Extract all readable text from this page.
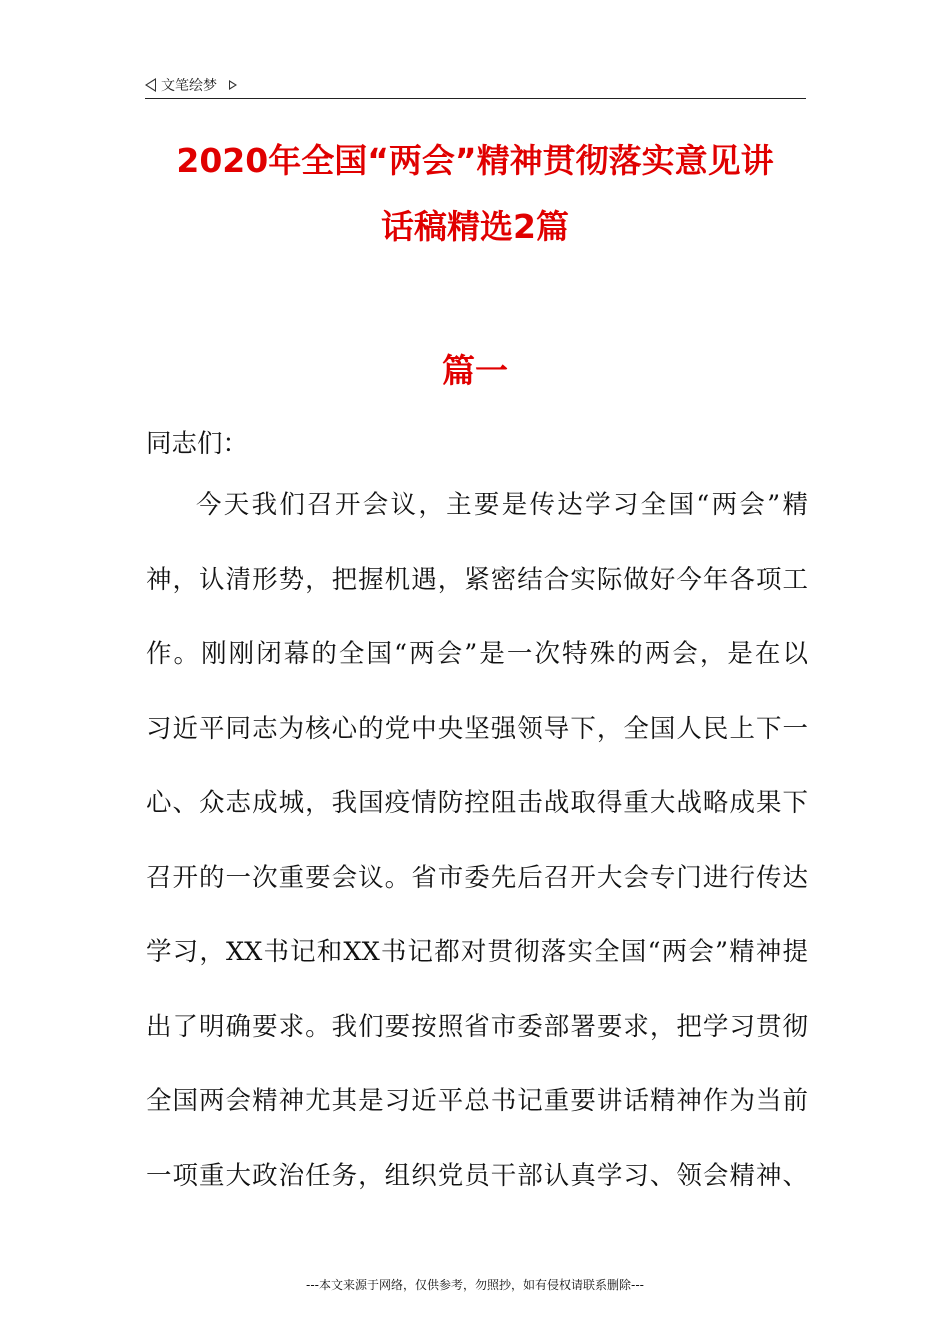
文笔绘梦
2020年全国“两会”精神贯彻落实意见讲
话稿精选2篇
篇一
同志们：
今天我们召开会议，主要是传达学习全国“两会”精
神，认清形势，把握机遇，紧密结合实际做好今年各项工
作。刚刚闭幕的全国“两会”是一次特殊的两会，是在以
习近平同志为核心的党中央坚强领导下，全国人民上下一
心、众志成城，我国疫情防控阻击战取得重大战略成果下
召开的一次重要会议。省市委先后召开大会专门进行传达
学习，XX书记和XX书记都对贯彻落实全国“两会”精神提
出了明确要求。我们要按照省市委部署要求，把学习贯彻
全国两会精神尤其是习近平总书记重要讲话精神作为当前
一项重大政治任务，组织党员干部认真学习、领会精神、
---本文来源于网络，仅供参考，勿照抄，如有侵权请联系删除---
